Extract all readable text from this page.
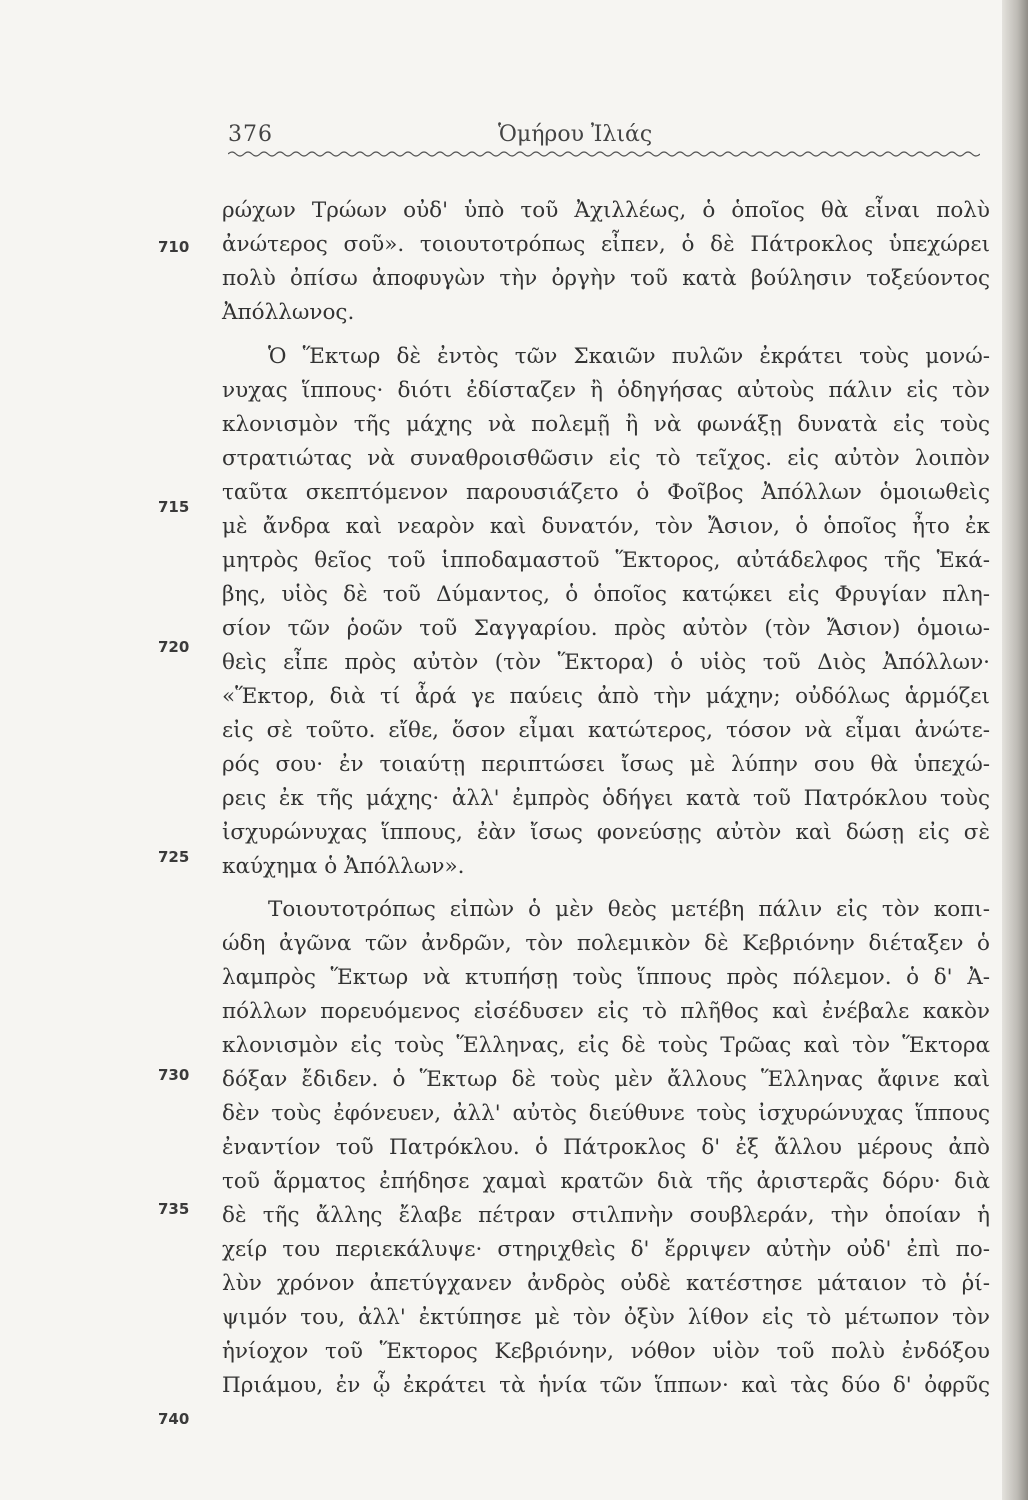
376	Ὁμήρου Ἰλιάς
ρώχων Τρώων οὐδ' ὑπὸ τοῦ Ἀχιλλέως, ὁ ὁποῖος θὰ εἶναι πολὺ
ἀνώτερος σοῦ». τοιουτοτρόπως εἶπεν, ὁ δὲ Πάτροκλος ὑπεχώρει
πολὺ ὀπίσω ἀποφυγὼν τὴν ὀργὴν τοῦ κατὰ βούλησιν τοξεύοντος
Ἀπόλλωνος.
Ὁ Ἕκτωρ δὲ ἐντὸς τῶν Σκαιῶν πυλῶν ἐκράτει τοὺς μονώ-
νυχας ἵππους· διότι ἐδίσταζεν ἢ ὁδηγήσας αὐτοὺς πάλιν εἰς τὸν
κλονισμὸν τῆς μάχης νὰ πολεμῇ ἢ νὰ φωνάξῃ δυνατὰ εἰς τοὺς
στρατιώτας νὰ συναθροισθῶσιν εἰς τὸ τεῖχος. εἰς αὐτὸν λοιπὸν
ταῦτα σκεπτόμενον παρουσιάζετο ὁ Φοῖβος Ἀπόλλων ὁμοιωθεὶς
μὲ ἄνδρα καὶ νεαρὸν καὶ δυνατόν, τὸν Ἄσιον, ὁ ὁποῖος ἦτο ἐκ
μητρὸς θεῖος τοῦ ἱπποδαμαστοῦ Ἕκτορος, αὐτάδελφος τῆς Ἑκά-
βης, υἱὸς δὲ τοῦ Δύμαντος, ὁ ὁποῖος κατῴκει εἰς Φρυγίαν πλη-
σίον τῶν ῥοῶν τοῦ Σαγγαρίου. πρὸς αὐτὸν (τὸν Ἄσιον) ὁμοιω-
θεὶς εἶπε πρὸς αὐτὸν (τὸν Ἕκτορα) ὁ υἱὸς τοῦ Διὸς Ἀπόλλων·
«Ἕκτορ, διὰ τί ἆρά γε παύεις ἀπὸ τὴν μάχην; οὐδόλως ἁρμόζει
εἰς σὲ τοῦτο. εἴθε, ὅσον εἶμαι κατώτερος, τόσον νὰ εἶμαι ἀνώτε-
ρός σου· ἐν τοιαύτῃ περιπτώσει ἴσως μὲ λύπην σου θὰ ὑπεχώ-
ρεις ἐκ τῆς μάχης· ἀλλ' ἐμπρὸς ὁδήγει κατὰ τοῦ Πατρόκλου τοὺς
ἰσχυρώνυχας ἵππους, ἐὰν ἴσως φονεύσῃς αὐτὸν καὶ δώσῃ εἰς σὲ
καύχημα ὁ Ἀπόλλων».
Τοιουτοτρόπως εἰπὼν ὁ μὲν θεὸς μετέβη πάλιν εἰς τὸν κοπι-
ώδη ἀγῶνα τῶν ἀνδρῶν, τὸν πολεμικὸν δὲ Κεβριόνην διέταξεν ὁ
λαμπρὸς Ἕκτωρ νὰ κτυπήσῃ τοὺς ἵππους πρὸς πόλεμον. ὁ δ' Ἀ-
πόλλων πορευόμενος εἰσέδυσεν εἰς τὸ πλῆθος καὶ ἐνέβαλε κακὸν
κλονισμὸν εἰς τοὺς Ἕλληνας, εἰς δὲ τοὺς Τρῶας καὶ τὸν Ἕκτορα
δόξαν ἔδιδεν. ὁ Ἕκτωρ δὲ τοὺς μὲν ἄλλους Ἕλληνας ἄφινε καὶ
δὲν τοὺς ἐφόνευεν, ἀλλ' αὐτὸς διεύθυνε τοὺς ἰσχυρώνυχας ἵππους
ἐναντίον τοῦ Πατρόκλου. ὁ Πάτροκλος δ' ἐξ ἄλλου μέρους ἀπὸ
τοῦ ἅρματος ἐπήδησε χαμαὶ κρατῶν διὰ τῆς ἀριστερᾶς δόρυ· διὰ
δὲ τῆς ἄλλης ἔλαβε πέτραν στιλπνὴν σουβλεράν, τὴν ὁποίαν ἡ
χείρ του περιεκάλυψε· στηριχθεὶς δ' ἔρριψεν αὐτὴν οὐδ' ἐπὶ πο-
λὺν χρόνον ἀπετύγχανεν ἀνδρὸς οὐδὲ κατέστησε μάταιον τὸ ῥί-
ψιμόν του, ἀλλ' ἐκτύπησε μὲ τὸν ὀξὺν λίθον εἰς τὸ μέτωπον τὸν
ἡνίοχον τοῦ Ἕκτορος Κεβριόνην, νόθον υἱὸν τοῦ πολὺ ἐνδόξου
Πριάμου, ἐν ᾧ ἐκράτει τὰ ἡνία τῶν ἵππων· καὶ τὰς δύο δ' ὀφρῦς
710
715
720
725
730
735
740
